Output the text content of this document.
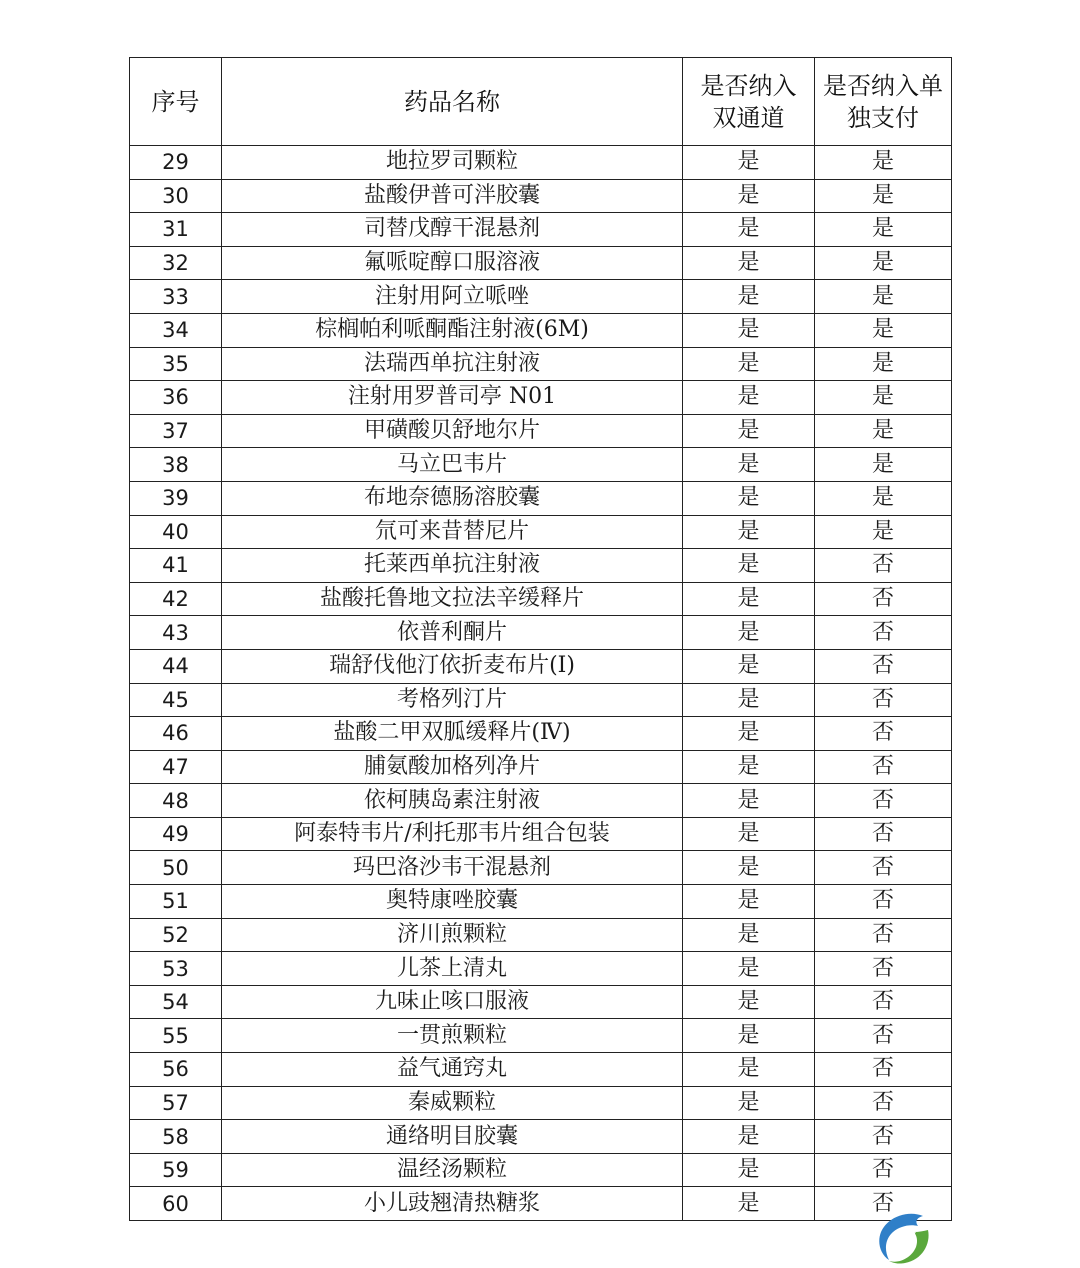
序号	药品名称	是否纳入双通道	是否纳入单独支付
29	地拉罗司颗粒	是	是
30	盐酸伊普可泮胶囊	是	是
31	司替戊醇干混悬剂	是	是
32	氟哌啶醇口服溶液	是	是
33	注射用阿立哌唑	是	是
34	棕榈帕利哌酮酯注射液(6M)	是	是
35	法瑞西单抗注射液	是	是
36	注射用罗普司亭 N01	是	是
37	甲磺酸贝舒地尔片	是	是
38	马立巴韦片	是	是
39	布地奈德肠溶胶囊	是	是
40	氘可来昔替尼片	是	是
41	托莱西单抗注射液	是	否
42	盐酸托鲁地文拉法辛缓释片	是	否
43	依普利酮片	是	否
44	瑞舒伐他汀依折麦布片(Ⅰ)	是	否
45	考格列汀片	是	否
46	盐酸二甲双胍缓释片(Ⅳ)	是	否
47	脯氨酸加格列净片	是	否
48	依柯胰岛素注射液	是	否
49	阿泰特韦片/利托那韦片组合包装	是	否
50	玛巴洛沙韦干混悬剂	是	否
51	奥特康唑胶囊	是	否
52	济川煎颗粒	是	否
53	儿茶上清丸	是	否
54	九味止咳口服液	是	否
55	一贯煎颗粒	是	否
56	益气通窍丸	是	否
57	秦威颗粒	是	否
58	通络明目胶囊	是	否
59	温经汤颗粒	是	否
60	小儿豉翘清热糖浆	是	否
